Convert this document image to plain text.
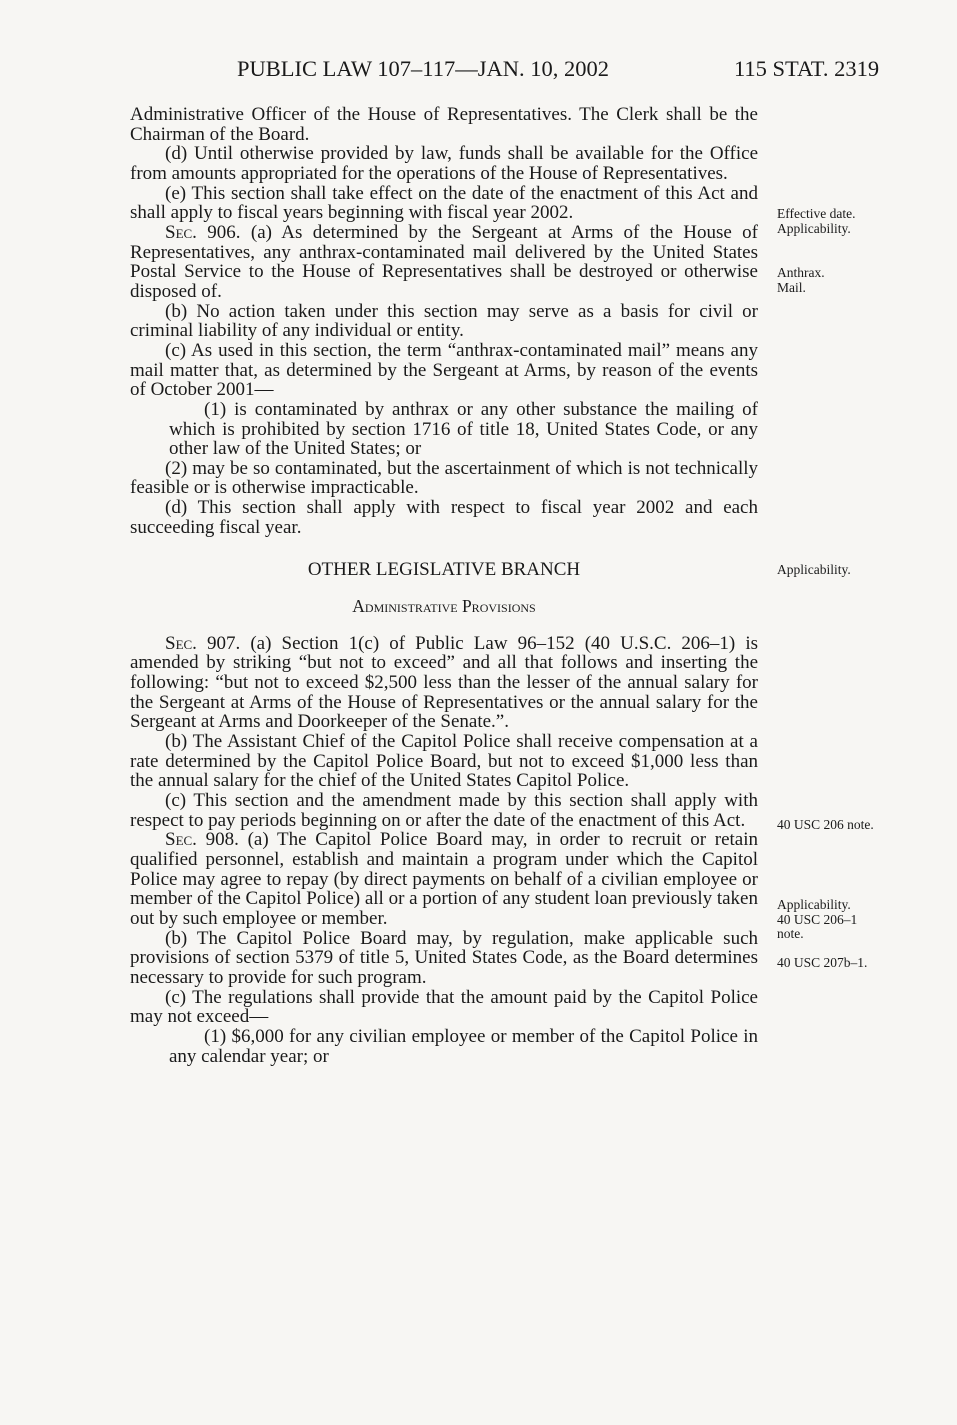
PUBLIC LAW 107–117—JAN. 10, 2002	115 STAT. 2319

Administrative Officer of the House of Representatives. The Clerk shall be the Chairman of the Board.

(d) Until otherwise provided by law, funds shall be available for the Office from amounts appropriated for the operations of the House of Representatives.

(e) This section shall take effect on the date of the enactment of this Act and shall apply to fiscal years beginning with fiscal year 2002.

Sec. 906. (a) As determined by the Sergeant at Arms of the House of Representatives, any anthrax-contaminated mail delivered by the United States Postal Service to the House of Representatives shall be destroyed or otherwise disposed of.

(b) No action taken under this section may serve as a basis for civil or criminal liability of any individual or entity.

(c) As used in this section, the term “anthrax-contaminated mail” means any mail matter that, as determined by the Sergeant at Arms, by reason of the events of October 2001—

(1) is contaminated by anthrax or any other substance the mailing of which is prohibited by section 1716 of title 18, United States Code, or any other law of the United States; or

(2) may be so contaminated, but the ascertainment of which is not technically feasible or is otherwise impracticable.

(d) This section shall apply with respect to fiscal year 2002 and each succeeding fiscal year.

OTHER LEGISLATIVE BRANCH

Administrative Provisions

Sec. 907. (a) Section 1(c) of Public Law 96–152 (40 U.S.C. 206–1) is amended by striking “but not to exceed” and all that follows and inserting the following: “but not to exceed $2,500 less than the lesser of the annual salary for the Sergeant at Arms of the House of Representatives or the annual salary for the Sergeant at Arms and Doorkeeper of the Senate.”.

(b) The Assistant Chief of the Capitol Police shall receive compensation at a rate determined by the Capitol Police Board, but not to exceed $1,000 less than the annual salary for the chief of the United States Capitol Police.

(c) This section and the amendment made by this section shall apply with respect to pay periods beginning on or after the date of the enactment of this Act.

Sec. 908. (a) The Capitol Police Board may, in order to recruit or retain qualified personnel, establish and maintain a program under which the Capitol Police may agree to repay (by direct payments on behalf of a civilian employee or member of the Capitol Police) all or a portion of any student loan previously taken out by such employee or member.

(b) The Capitol Police Board may, by regulation, make applicable such provisions of section 5379 of title 5, United States Code, as the Board determines necessary to provide for such program.

(c) The regulations shall provide that the amount paid by the Capitol Police may not exceed—

(1) $6,000 for any civilian employee or member of the Capitol Police in any calendar year; or

Effective date.
Applicability.
Anthrax.
Mail.
Applicability.
40 USC 206 note.
Applicability.
40 USC 206–1
note.
40 USC 207b–1.
